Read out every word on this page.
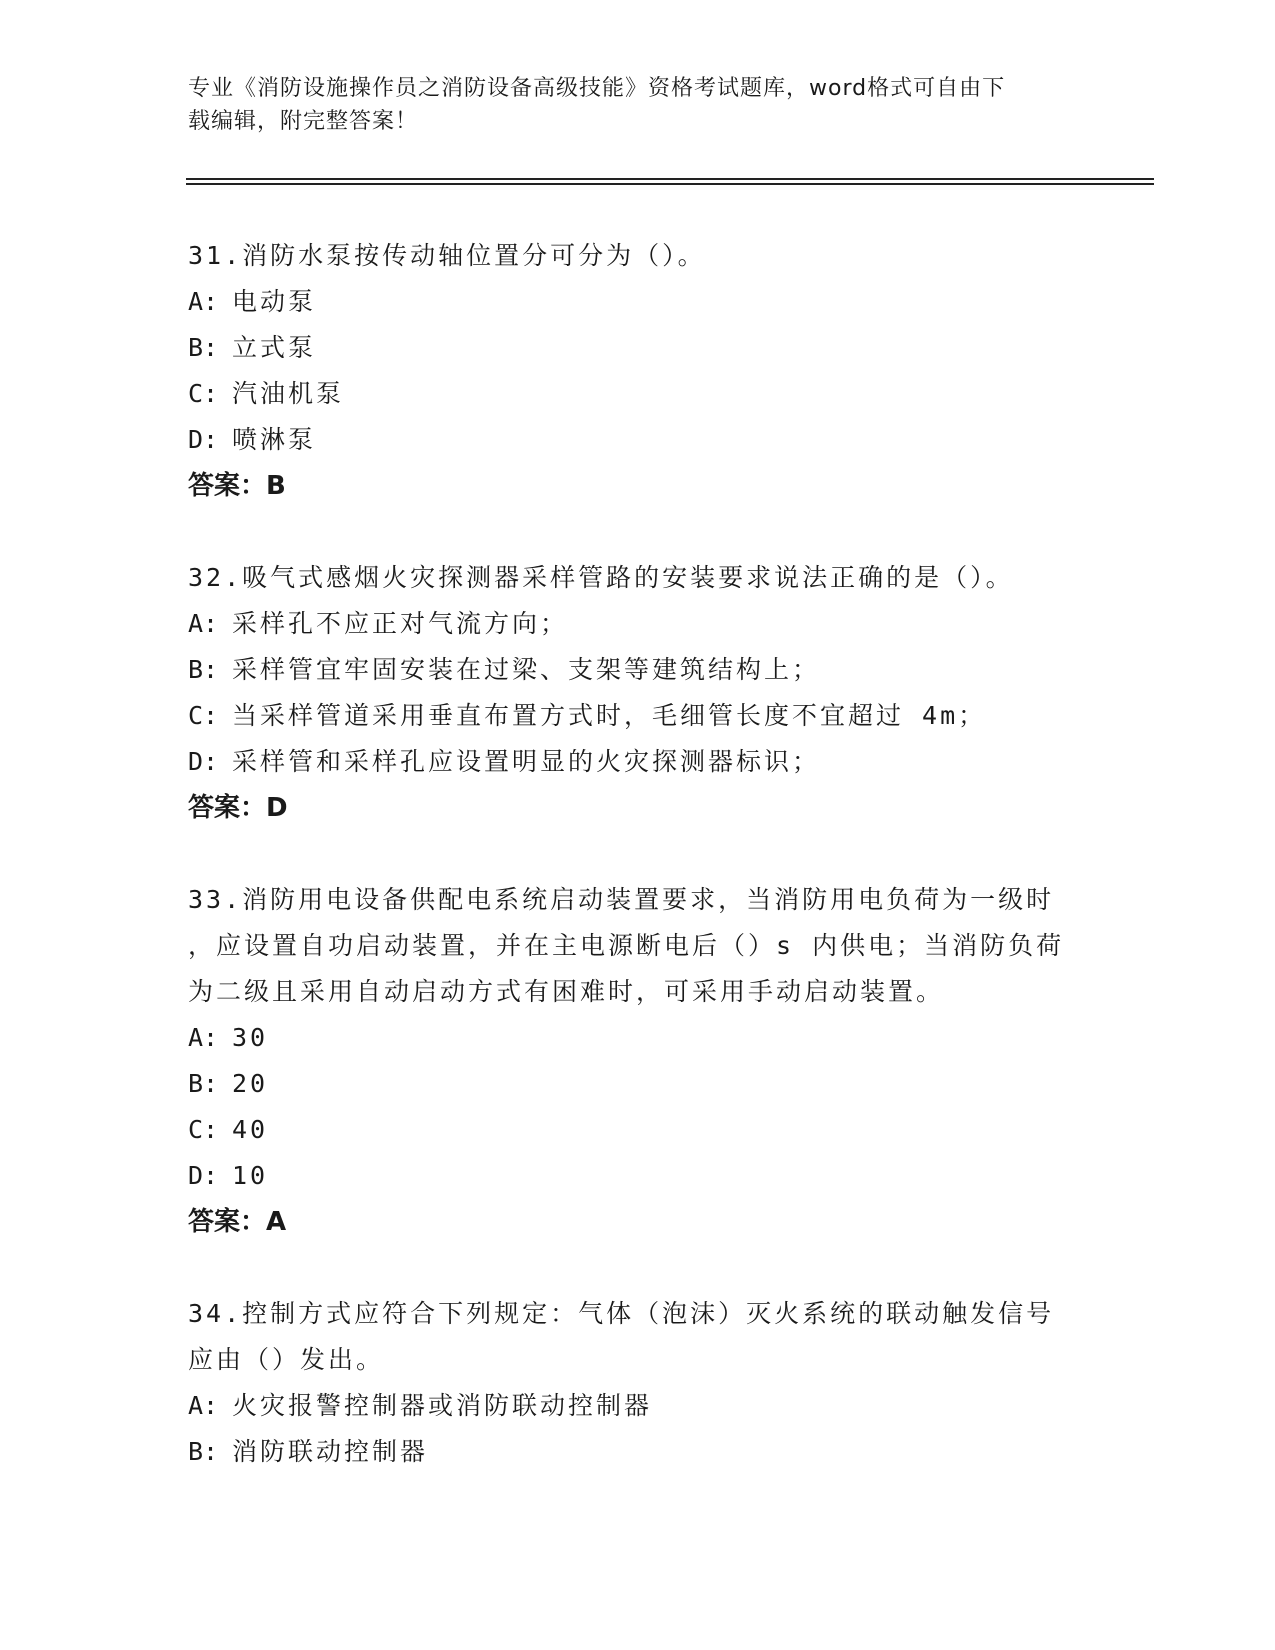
专业《消防设施操作员之消防设备高级技能》资格考试题库，word格式可自由下
载编辑，附完整答案！
31.消防水泵按传动轴位置分可分为（）。
A: 电动泵
B: 立式泵
C: 汽油机泵
D: 喷淋泵
答案：B
32.吸气式感烟火灾探测器采样管路的安装要求说法正确的是（）。
A: 采样孔不应正对气流方向；
B: 采样管宜牢固安装在过梁、支架等建筑结构上；
C: 当采样管道采用垂直布置方式时，毛细管长度不宜超过 4m；
D: 采样管和采样孔应设置明显的火灾探测器标识；
答案：D
33.消防用电设备供配电系统启动装置要求，当消防用电负荷为一级时
，应设置自功启动装置，并在主电源断电后（）s 内供电；当消防负荷
为二级且采用自动启动方式有困难时，可采用手动启动装置。
A: 30
B: 20
C: 40
D: 10
答案：A
34.控制方式应符合下列规定：气体（泡沫）灭火系统的联动触发信号
应由（）发出。
A: 火灾报警控制器或消防联动控制器
B: 消防联动控制器
